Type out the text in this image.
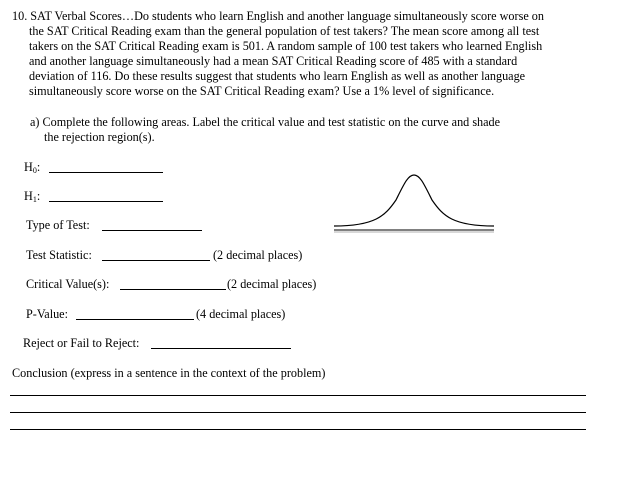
10. SAT Verbal Scores…Do students who learn English and another language simultaneously score worse on
the SAT Critical Reading exam than the general population of test takers? The mean score among all test
takers on the SAT Critical Reading exam is 501. A random sample of 100 test takers who learned English
and another language simultaneously had a mean SAT Critical Reading score of 485 with a standard
deviation of 116. Do these results suggest that students who learn English as well as another language
simultaneously score worse on the SAT Critical Reading exam? Use a 1% level of significance.
a) Complete the following areas. Label the critical value and test statistic on the curve and shade
the rejection region(s).
$H_0$:
$H_1$:
Type of Test:
Test Statistic:	(2 decimal places)
Critical Value(s):	(2 decimal places)
P-Value:	(4 decimal places)
Reject or Fail to Reject:
Conclusion (express in a sentence in the context of the problem)
